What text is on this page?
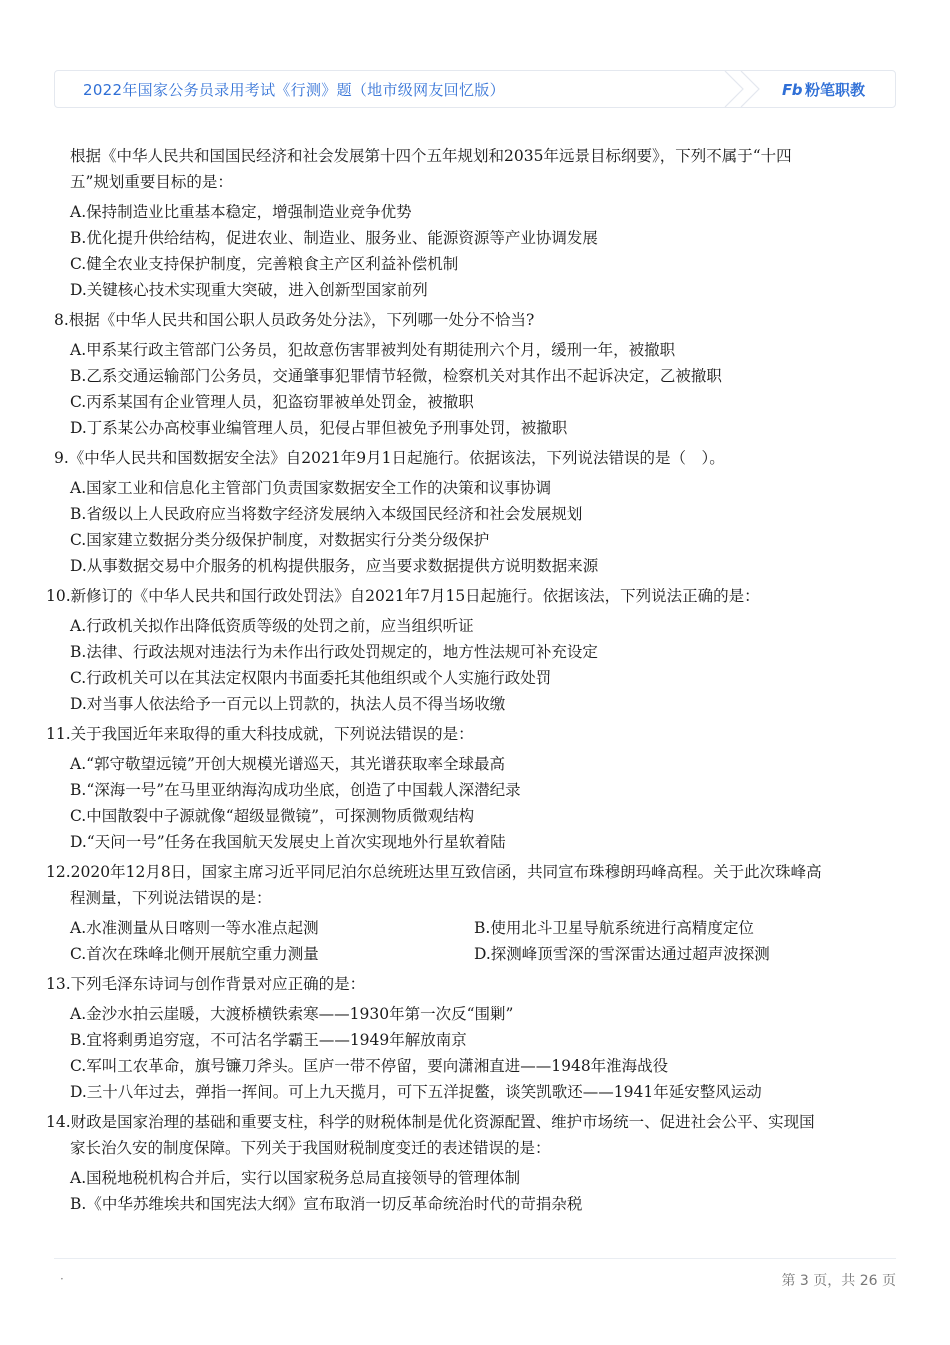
2022年国家公务员录用考试《行测》题（地市级网友回忆版）	Fb 粉笔职教
根据《中华人民共和国国民经济和社会发展第十四个五年规划和2035年远景目标纲要》，下列不属于“十四
五”规划重要目标的是：
A.保持制造业比重基本稳定，增强制造业竞争优势
B.优化提升供给结构，促进农业、制造业、服务业、能源资源等产业协调发展
C.健全农业支持保护制度，完善粮食主产区利益补偿机制
D.关键核心技术实现重大突破，进入创新型国家前列
8.根据《中华人民共和国公职人员政务处分法》，下列哪一处分不恰当?
A.甲系某行政主管部门公务员，犯故意伤害罪被判处有期徒刑六个月，缓刑一年，被撤职
B.乙系交通运输部门公务员，交通肇事犯罪情节轻微，检察机关对其作出不起诉决定，乙被撤职
C.丙系某国有企业管理人员，犯盗窃罪被单处罚金，被撤职
D.丁系某公办高校事业编管理人员，犯侵占罪但被免予刑事处罚，被撤职
9.《中华人民共和国数据安全法》自2021年9月1日起施行。依据该法，下列说法错误的是（　）。
A.国家工业和信息化主管部门负责国家数据安全工作的决策和议事协调
B.省级以上人民政府应当将数字经济发展纳入本级国民经济和社会发展规划
C.国家建立数据分类分级保护制度，对数据实行分类分级保护
D.从事数据交易中介服务的机构提供服务，应当要求数据提供方说明数据来源
10.新修订的《中华人民共和国行政处罚法》自2021年7月15日起施行。依据该法，下列说法正确的是：
A.行政机关拟作出降低资质等级的处罚之前，应当组织听证
B.法律、行政法规对违法行为未作出行政处罚规定的，地方性法规可补充设定
C.行政机关可以在其法定权限内书面委托其他组织或个人实施行政处罚
D.对当事人依法给予一百元以上罚款的，执法人员不得当场收缴
11.关于我国近年来取得的重大科技成就，下列说法错误的是：
A.“郭守敬望远镜”开创大规模光谱巡天，其光谱获取率全球最高
B.“深海一号”在马里亚纳海沟成功坐底，创造了中国载人深潜纪录
C.中国散裂中子源就像“超级显微镜”，可探测物质微观结构
D.“天问一号”任务在我国航天发展史上首次实现地外行星软着陆
12.2020年12月8日，国家主席习近平同尼泊尔总统班达里互致信函，共同宣布珠穆朗玛峰高程。关于此次珠峰高
程测量，下列说法错误的是：
A.水准测量从日喀则一等水准点起测	B.使用北斗卫星导航系统进行高精度定位
C.首次在珠峰北侧开展航空重力测量	D.探测峰顶雪深的雪深雷达通过超声波探测
13.下列毛泽东诗词与创作背景对应正确的是：
A.金沙水拍云崖暖，大渡桥横铁索寒——1930年第一次反“围剿”
B.宜将剩勇追穷寇，不可沽名学霸王——1949年解放南京
C.军叫工农革命，旗号镰刀斧头。匡庐一带不停留，要向潇湘直进——1948年淮海战役
D.三十八年过去，弹指一挥间。可上九天揽月，可下五洋捉鳖，谈笑凯歌还——1941年延安整风运动
14.财政是国家治理的基础和重要支柱，科学的财税体制是优化资源配置、维护市场统一、促进社会公平、实现国
家长治久安的制度保障。下列关于我国财税制度变迁的表述错误的是：
A.国税地税机构合并后，实行以国家税务总局直接领导的管理体制
B.《中华苏维埃共和国宪法大纲》宣布取消一切反革命统治时代的苛捐杂税
·	第 3 页，共 26 页
